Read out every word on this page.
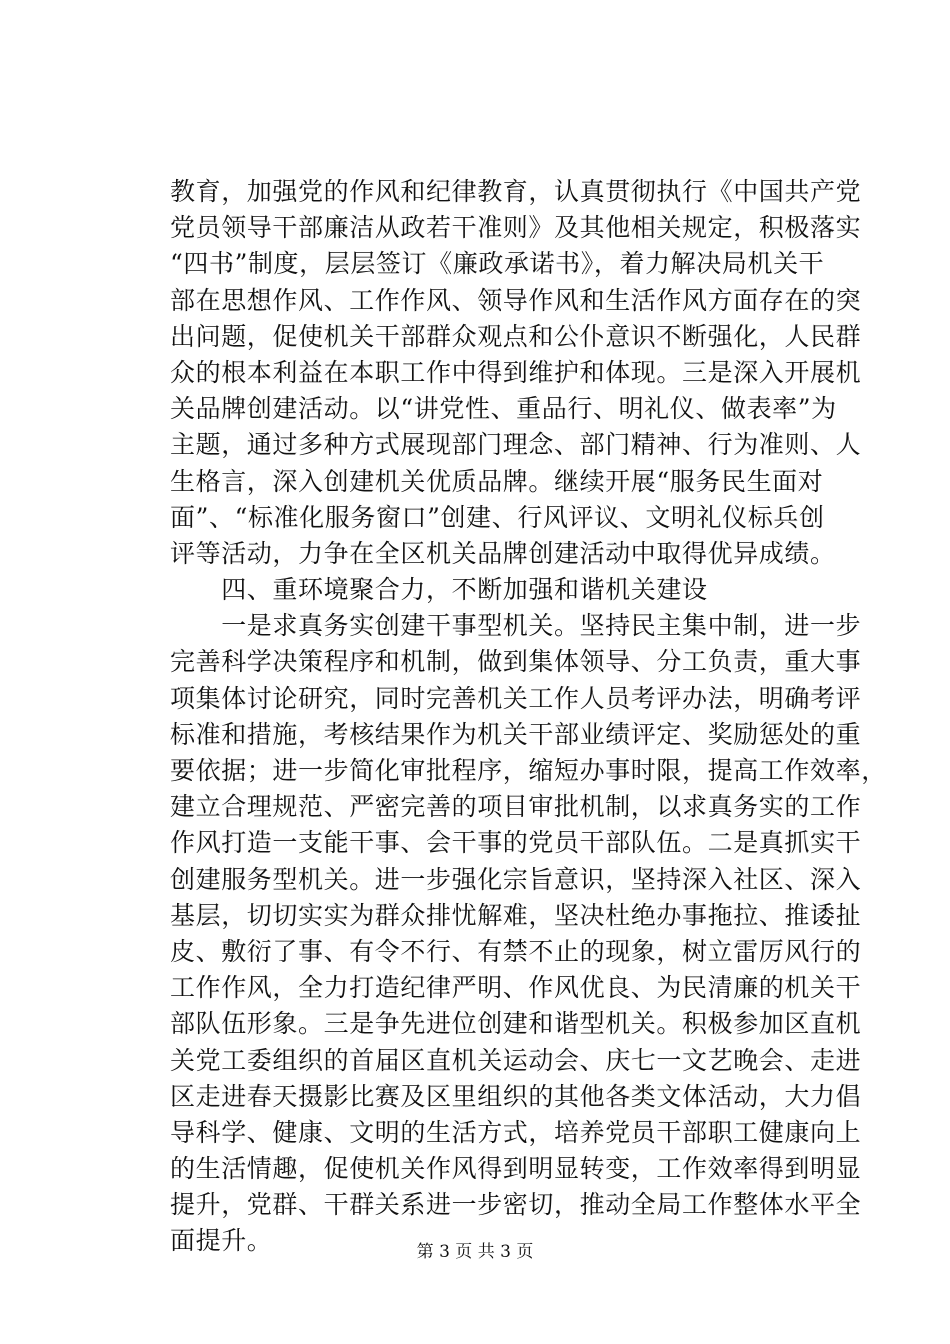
教育，加强党的作风和纪律教育，认真贯彻执行《中国共产党
党员领导干部廉洁从政若干准则》及其他相关规定，积极落实
“四书”制度，层层签订《廉政承诺书》，着力解决局机关干
部在思想作风、工作作风、领导作风和生活作风方面存在的突
出问题，促使机关干部群众观点和公仆意识不断强化，人民群
众的根本利益在本职工作中得到维护和体现。三是深入开展机
关品牌创建活动。以“讲党性、重品行、明礼仪、做表率”为
主题，通过多种方式展现部门理念、部门精神、行为准则、人
生格言，深入创建机关优质品牌。继续开展“服务民生面对
面”、“标准化服务窗口”创建、行风评议、文明礼仪标兵创
评等活动，力争在全区机关品牌创建活动中取得优异成绩。
　　四、重环境聚合力，不断加强和谐机关建设
　　一是求真务实创建干事型机关。坚持民主集中制，进一步
完善科学决策程序和机制，做到集体领导、分工负责，重大事
项集体讨论研究，同时完善机关工作人员考评办法，明确考评
标准和措施，考核结果作为机关干部业绩评定、奖励惩处的重
要依据；进一步简化审批程序，缩短办事时限，提高工作效率，
建立合理规范、严密完善的项目审批机制，以求真务实的工作
作风打造一支能干事、会干事的党员干部队伍。二是真抓实干
创建服务型机关。进一步强化宗旨意识，坚持深入社区、深入
基层，切切实实为群众排忧解难，坚决杜绝办事拖拉、推诿扯
皮、敷衍了事、有令不行、有禁不止的现象，树立雷厉风行的
工作作风，全力打造纪律严明、作风优良、为民清廉的机关干
部队伍形象。三是争先进位创建和谐型机关。积极参加区直机
关党工委组织的首届区直机关运动会、庆七一文艺晚会、走进
区走进春天摄影比赛及区里组织的其他各类文体活动，大力倡
导科学、健康、文明的生活方式，培养党员干部职工健康向上
的生活情趣，促使机关作风得到明显转变，工作效率得到明显
提升，党群、干群关系进一步密切，推动全局工作整体水平全
面提升。	第 3 页 共 3 页
